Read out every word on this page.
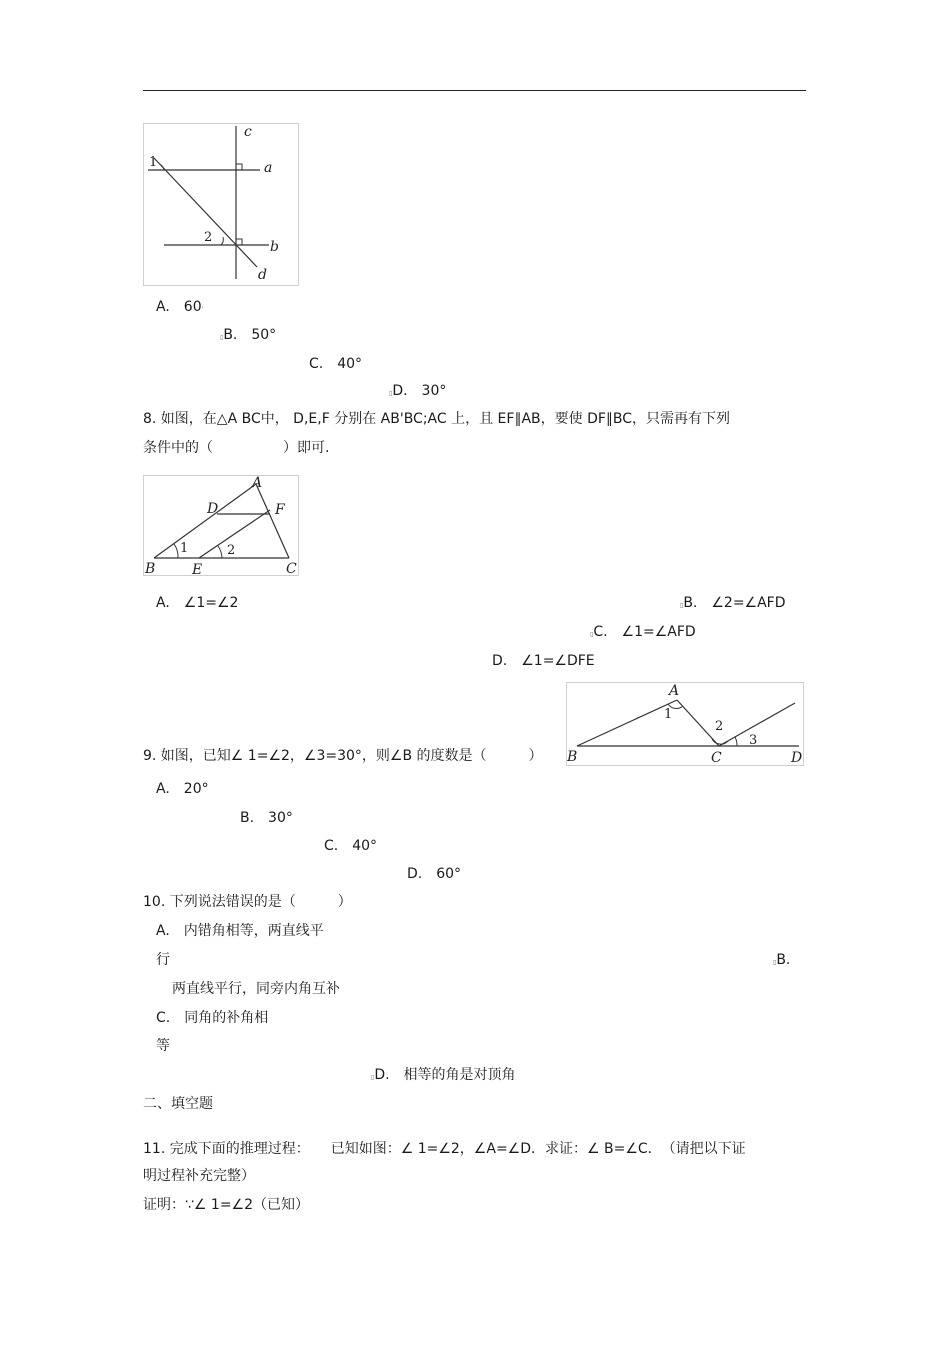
c
a
b
d
1
2
A.　60'
▯B.　50°
C.　40°
▯D.　30°
8. 如图，在△A BC中， D,E,F 分别在 AB'BC;AC 上，且 EF∥AB，要使 DF∥BC，只需再有下列
条件中的（　　　　　）即可.
A
D	F
B	E	C
1	2
A.　∠1=∠2	▯B.　∠2=∠AFD
▯C.　∠1=∠AFD
D.　∠1=∠DFE
A
B	C	D
1
2
3
9. 如图，已知∠ 1=∠2，∠3=30°，则∠B 的度数是（　　　）
A.　20°
B.　30°
C.　40°
D.　60°
10. 下列说法错误的是（　　　）
A.　内错角相等，两直线平
行	▯B.
两直线平行，同旁内角互补
C.　同角的补角相
等
▯D.　相等的角是对顶角
二、填空题
11. 完成下面的推理过程：　　已知如图：∠ 1=∠2，∠A=∠D．求证：∠ B=∠C．　（请把以下证
明过程补充完整）
证明：∵∠ 1=∠2（已知）
